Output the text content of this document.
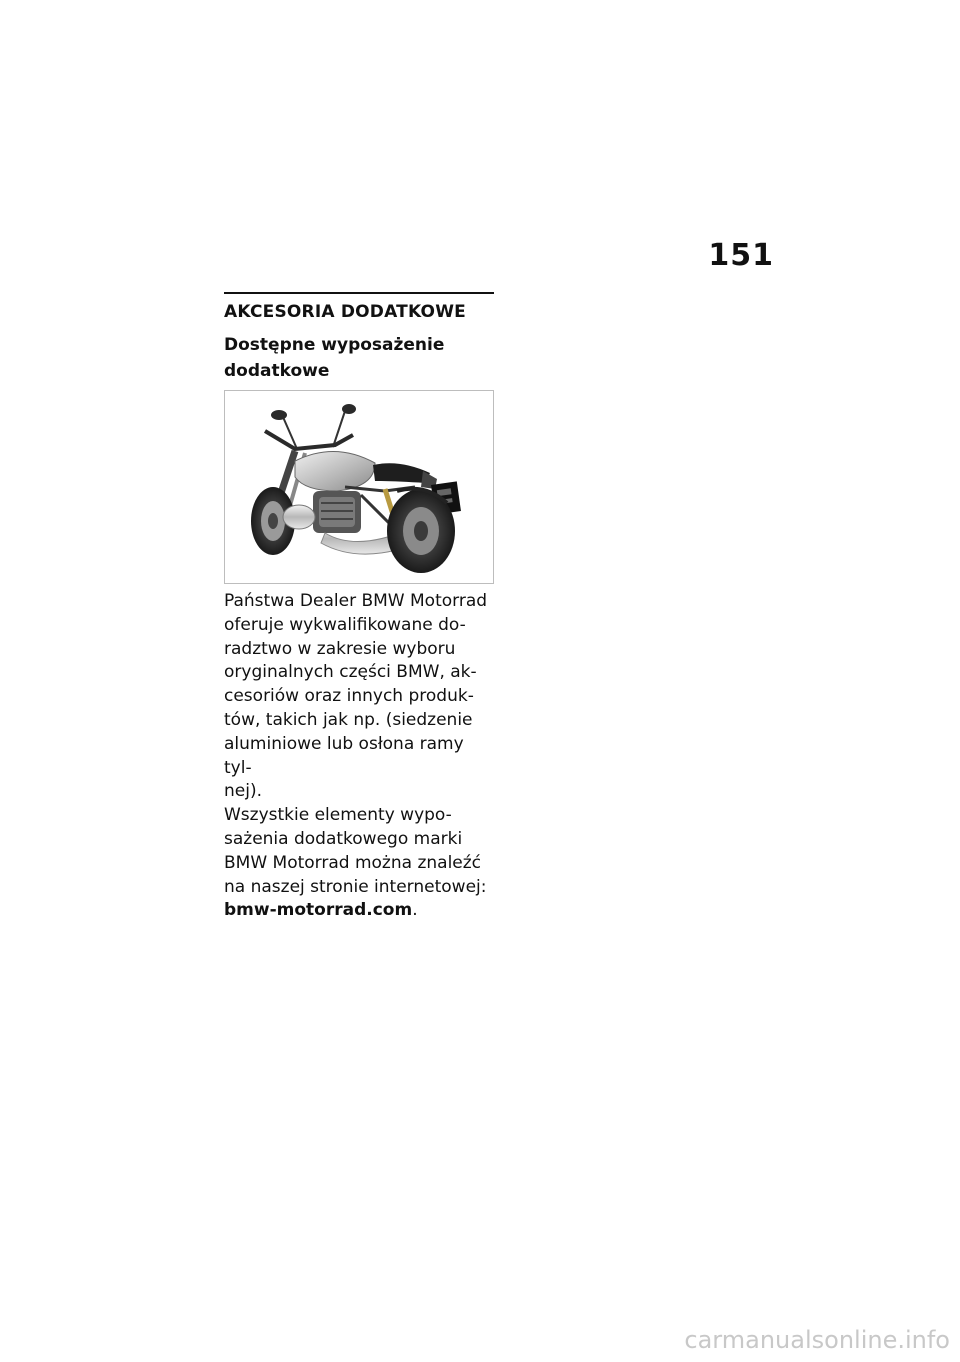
151
AKCESORIA DODATKOWE
Dostępne wyposażenie
dodatkowe

Państwa Dealer BMW Motorrad
oferuje wykwalifikowane do-
radztwo w zakresie wyboru
oryginalnych części BMW, ak-
cesoriów oraz innych produk-
tów, takich jak np. (siedzenie
aluminiowe lub osłona ramy tyl-
nej).

Wszystkie elementy wypo-
sażenia dodatkowego marki
BMW Motorrad można znaleźć
na naszej stronie internetowej:
bmw-motorrad.com.

carmanualsonline.info
